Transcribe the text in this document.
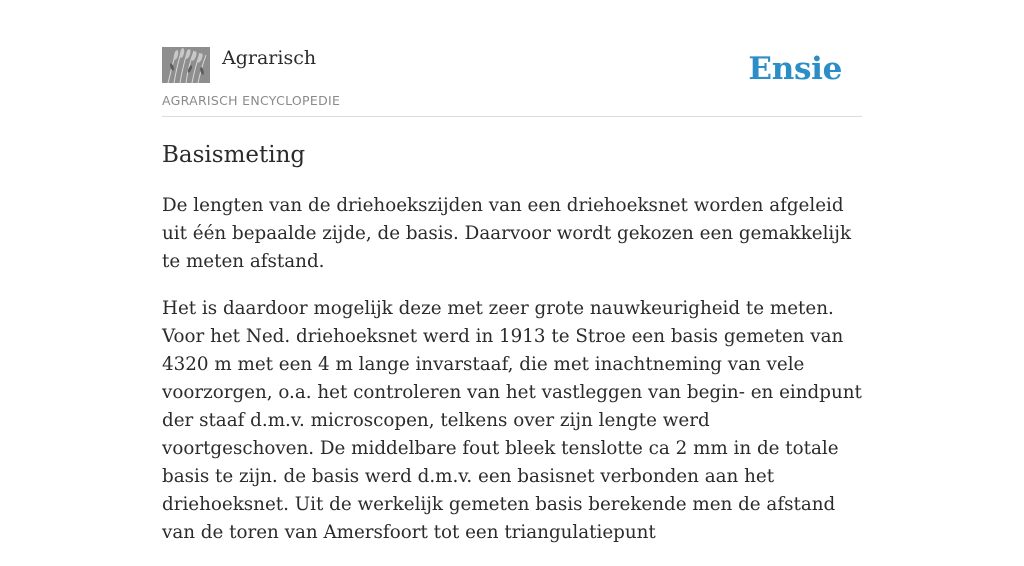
Agrarisch
AGRARISCH ENCYCLOPEDIE
Ensie
Basismeting

De lengten van de driehoekszijden van een driehoeksnet worden afgeleid uit één bepaalde zijde, de basis. Daarvoor wordt gekozen een gemakkelijk te meten afstand.

Het is daardoor mogelijk deze met zeer grote nauwkeurigheid te meten. Voor het Ned. driehoeksnet werd in 1913 te Stroe een basis gemeten van 4320 m met een 4 m lange invarstaaf, die met inachtneming van vele voorzorgen, o.a. het controleren van het vastleggen van begin- en eindpunt der staaf d.m.v. microscopen, telkens over zijn lengte werd voortgeschoven. De middelbare fout bleek tenslotte ca 2 mm in de totale basis te zijn. de basis werd d.m.v. een basisnet verbonden aan het driehoeksnet. Uit de werkelijk gemeten basis berekende men de afstand van de toren van Amersfoort tot een triangulatiepunt
